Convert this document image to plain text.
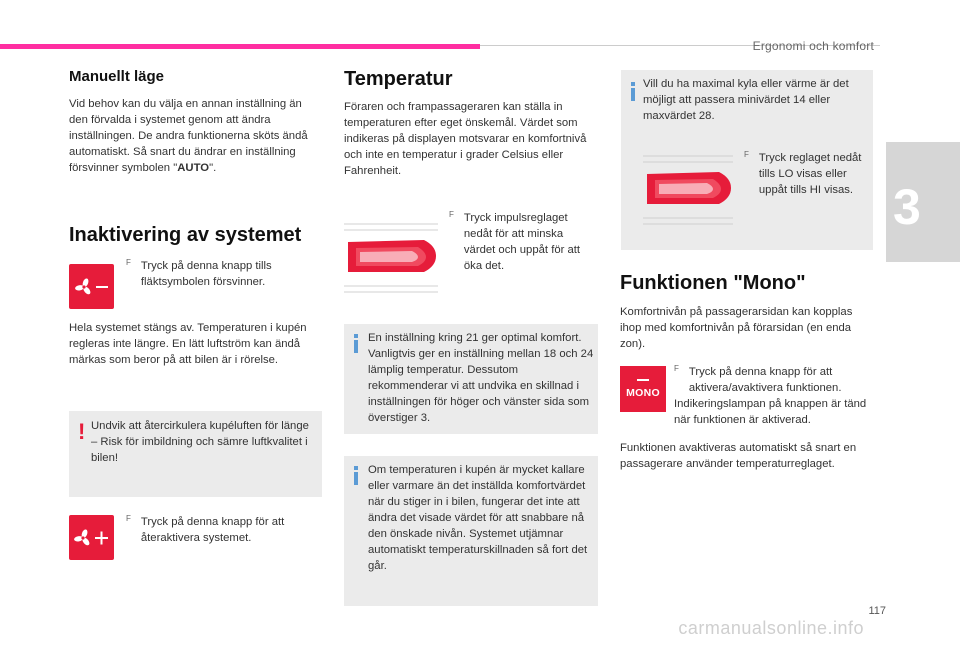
Ergonomi och komfort
3
117
carmanualsonline.info
Manuellt läge

Vid behov kan du välja en annan inställning än den förvalda i systemet genom att ändra inställningen. De andra funktionerna sköts ändå automatiskt. Så snart du ändrar en inställning försvinner symbolen "AUTO".

Inaktivering av systemet
F Tryck på denna knapp tills fläktsymbolen försvinner.

Hela systemet stängs av. Temperaturen i kupén regleras inte längre. En lätt luftström kan ändå märkas som beror på att bilen är i rörelse.

! Undvik att återcirkulera kupéluften för länge – Risk för imbildning och sämre luftkvalitet i bilen!

F Tryck på denna knapp för att återaktivera systemet.

Temperatur

Föraren och frampassageraren kan ställa in temperaturen efter eget önskemål. Värdet som indikeras på displayen motsvarar en komfortnivå och inte en temperatur i grader Celsius eller Fahrenheit.

F Tryck impulsreglaget nedåt för att minska värdet och uppåt för att öka det.

En inställning kring 21 ger optimal komfort. Vanligtvis ger en inställning mellan 18 och 24 lämplig temperatur. Dessutom rekommenderar vi att undvika en skillnad i inställningen för höger och vänster sida som överstiger 3.

Om temperaturen i kupén är mycket kallare eller varmare än det inställda komfortvärdet när du stiger in i bilen, fungerar det inte att ändra det visade värdet för att snabbare nå den önskade nivån. Systemet utjämnar automatiskt temperaturskillnaden så fort det går.

Vill du ha maximal kyla eller värme är det möjligt att passera minivärdet 14 eller maxvärdet 28.

F Tryck reglaget nedåt tills LO visas eller uppåt tills HI visas.

Funktionen "Mono"

Komfortnivån på passagerarsidan kan kopplas ihop med komfortnivån på förarsidan (en enda zon).

MONO
F Tryck på denna knapp för att aktivera/avaktivera funktionen.

Indikeringslampan på knappen är tänd när funktionen är aktiverad.

Funktionen avaktiveras automatiskt så snart en passagerare använder temperaturreglaget.
